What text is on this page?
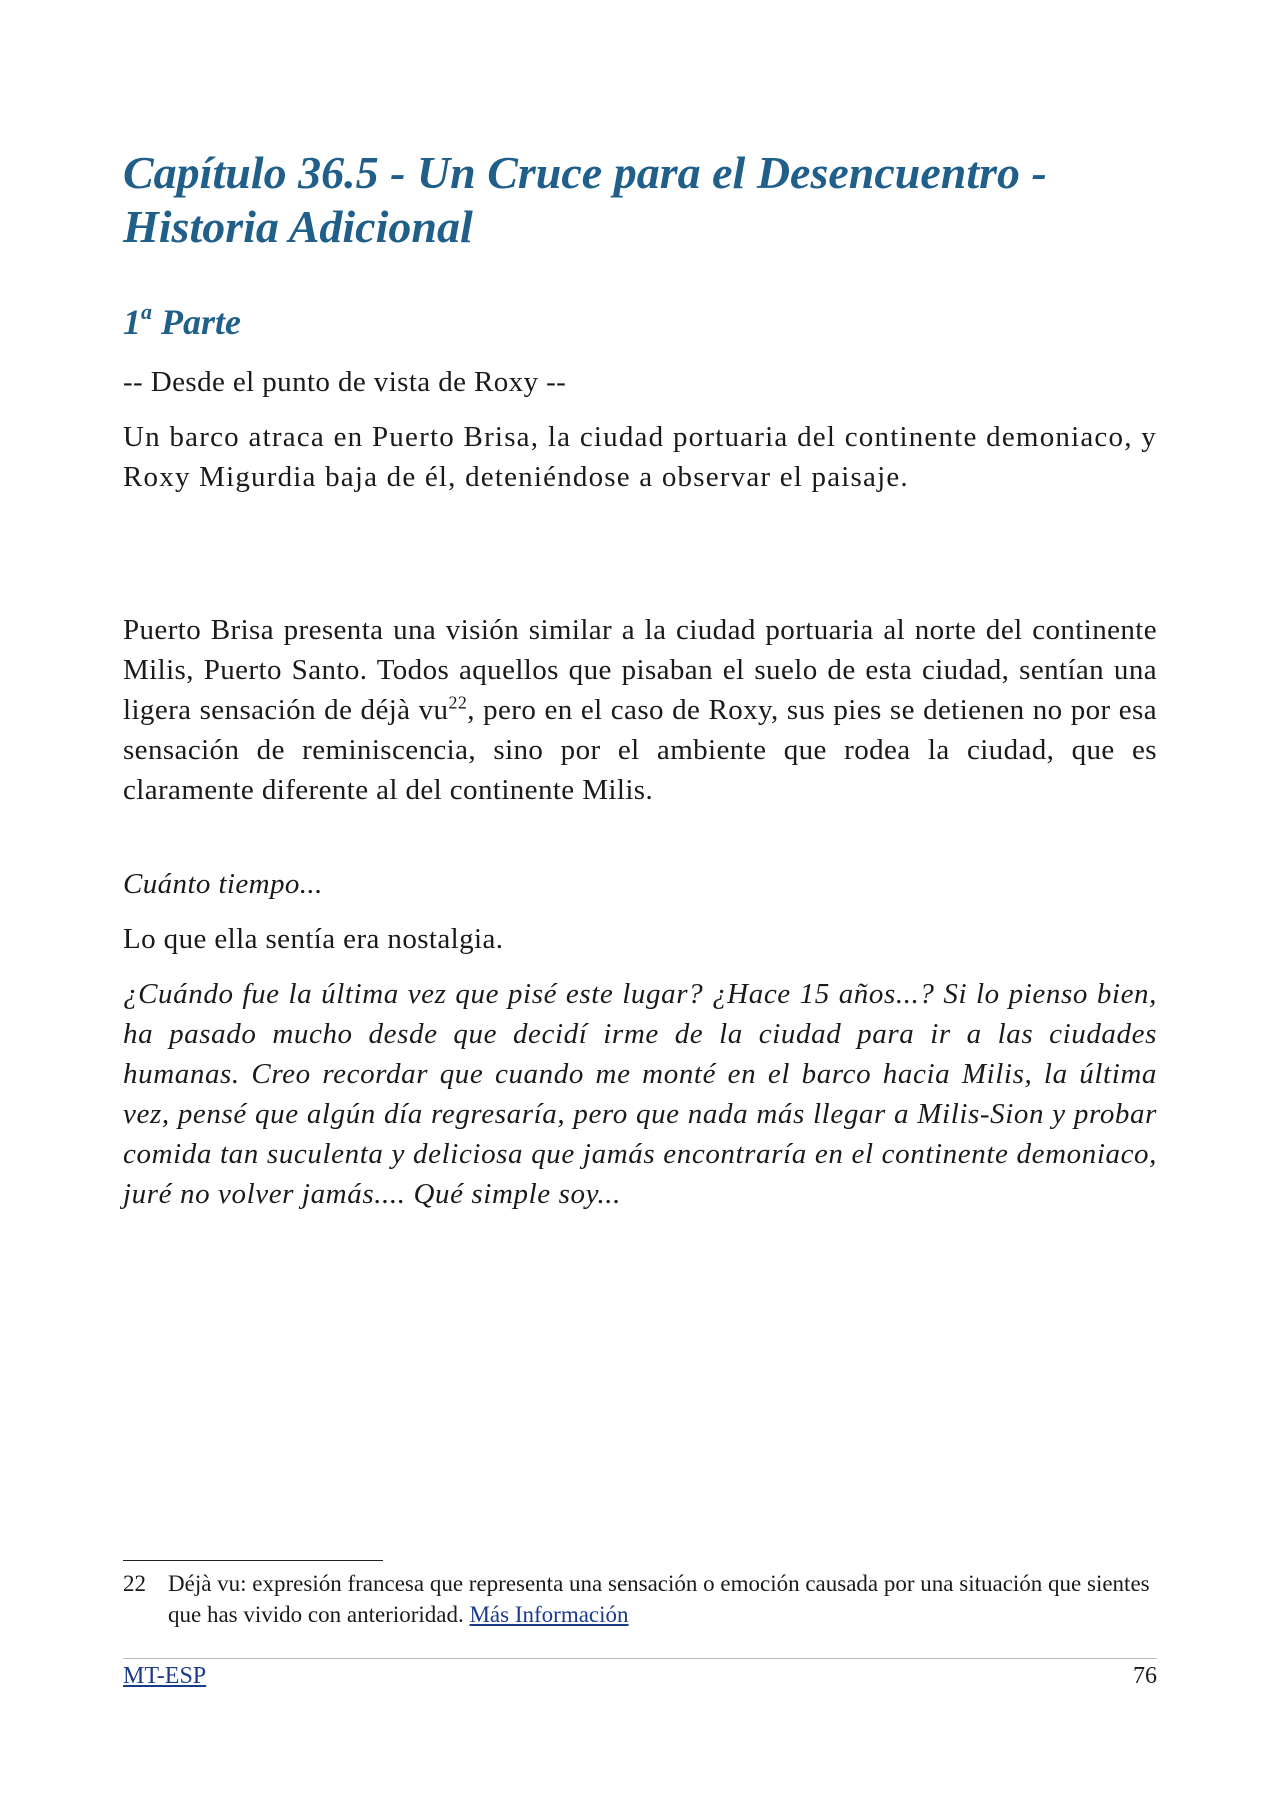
Capítulo 36.5 - Un Cruce para el Desencuentro -
Historia Adicional
1$^a$ Parte

-- Desde el punto de vista de Roxy --

Un barco atraca en Puerto Brisa, la ciudad portuaria del continente demoniaco, y Roxy Migurdia baja de él, deteniéndose a observar el paisaje.

Puerto Brisa presenta una visión similar a la ciudad portuaria al norte del continente Milis, Puerto Santo. Todos aquellos que pisaban el suelo de esta ciudad, sentían una ligera sensación de déjà vu$^{22}$, pero en el caso de Roxy, sus pies se detienen no por esa sensación de reminiscencia, sino por el ambiente que rodea la ciudad, que es claramente diferente al del continente Milis.

Cuánto tiempo...

Lo que ella sentía era nostalgia.

¿Cuándo fue la última vez que pisé este lugar? ¿Hace 15 años...? Si lo pienso bien, ha pasado mucho desde que decidí irme de la ciudad para ir a las ciudades humanas. Creo recordar que cuando me monté en el barco hacia Milis, la última vez, pensé que algún día regresaría, pero que nada más llegar a Milis-Sion y probar comida tan suculenta y deliciosa que jamás encontraría en el continente demoniaco, juré no volver jamás.... Qué simple soy...

22 Déjà vu: expresión francesa que representa una sensación o emoción causada por una situación que sientes que has vivido con anterioridad. Más Información
MT-ESP	76
